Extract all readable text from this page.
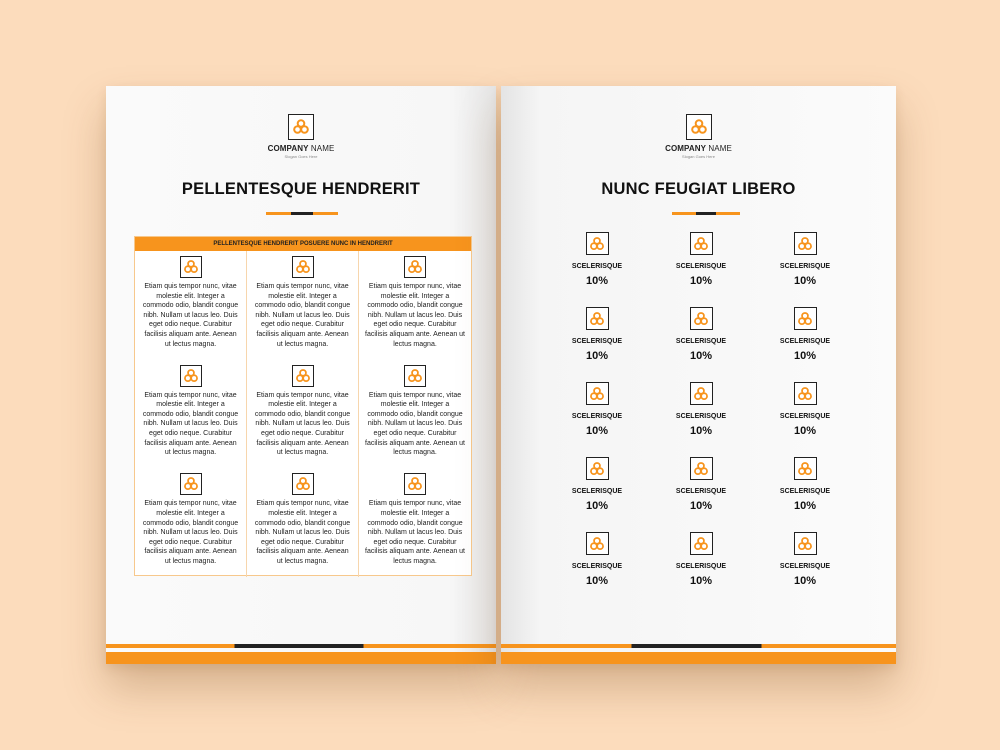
COMPANY NAME
Slogan Goes Here
PELLENTESQUE HENDRERIT
PELLENTESQUE HENDRERIT POSUERE NUNC IN HENDRERIT
Etiam quis tempor nunc, vitae molestie elit. Integer a commodo odio, blandit congue nibh. Nullam ut lacus leo. Duis eget odio neque. Curabitur facilisis aliquam ante. Aenean ut lectus magna.
Etiam quis tempor nunc, vitae molestie elit. Integer a commodo odio, blandit congue nibh. Nullam ut lacus leo. Duis eget odio neque. Curabitur facilisis aliquam ante. Aenean ut lectus magna.
Etiam quis tempor nunc, vitae molestie elit. Integer a commodo odio, blandit congue nibh. Nullam ut lacus leo. Duis eget odio neque. Curabitur facilisis aliquam ante. Aenean ut lectus magna.
Etiam quis tempor nunc, vitae molestie elit. Integer a commodo odio, blandit congue nibh. Nullam ut lacus leo. Duis eget odio neque. Curabitur facilisis aliquam ante. Aenean ut lectus magna.
Etiam quis tempor nunc, vitae molestie elit. Integer a commodo odio, blandit congue nibh. Nullam ut lacus leo. Duis eget odio neque. Curabitur facilisis aliquam ante. Aenean ut lectus magna.
Etiam quis tempor nunc, vitae molestie elit. Integer a commodo odio, blandit congue nibh. Nullam ut lacus leo. Duis eget odio neque. Curabitur facilisis aliquam ante. Aenean ut lectus magna.
Etiam quis tempor nunc, vitae molestie elit. Integer a commodo odio, blandit congue nibh. Nullam ut lacus leo. Duis eget odio neque. Curabitur facilisis aliquam ante. Aenean ut lectus magna.
Etiam quis tempor nunc, vitae molestie elit. Integer a commodo odio, blandit congue nibh. Nullam ut lacus leo. Duis eget odio neque. Curabitur facilisis aliquam ante. Aenean ut lectus magna.
Etiam quis tempor nunc, vitae molestie elit. Integer a commodo odio, blandit congue nibh. Nullam ut lacus leo. Duis eget odio neque. Curabitur facilisis aliquam ante. Aenean ut lectus magna.
COMPANY NAME
Slogan Goes Here
NUNC FEUGIAT LIBERO
SCELERISQUE
10%
SCELERISQUE
10%
SCELERISQUE
10%
SCELERISQUE
10%
SCELERISQUE
10%
SCELERISQUE
10%
SCELERISQUE
10%
SCELERISQUE
10%
SCELERISQUE
10%
SCELERISQUE
10%
SCELERISQUE
10%
SCELERISQUE
10%
SCELERISQUE
10%
SCELERISQUE
10%
SCELERISQUE
10%
